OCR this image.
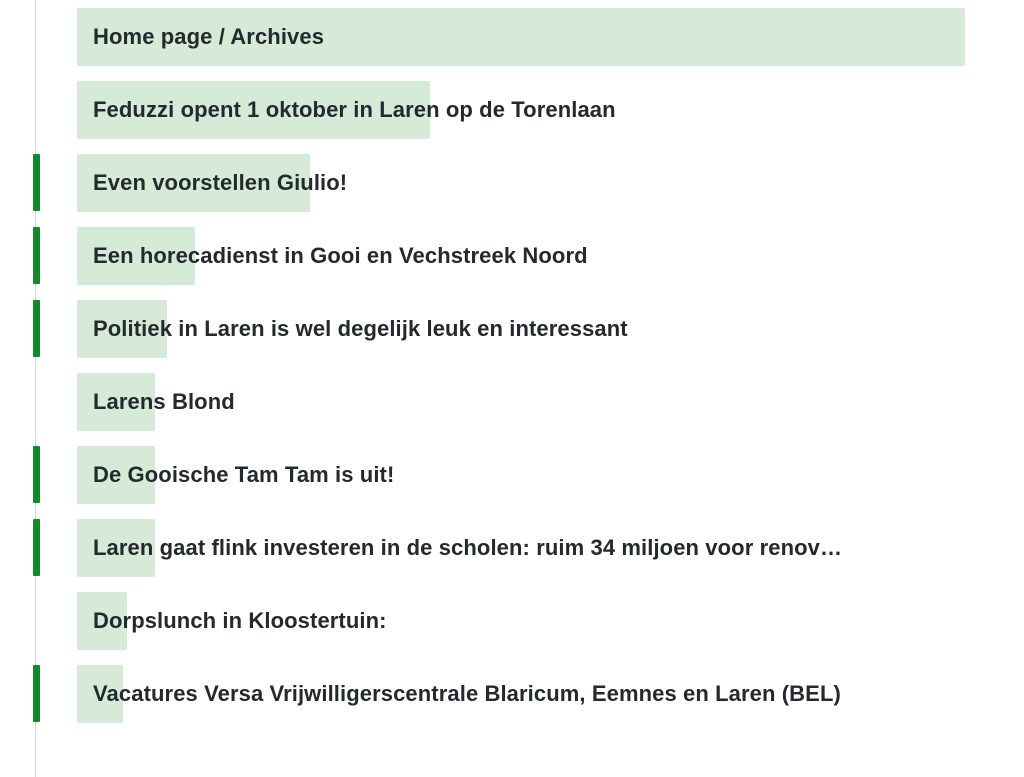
Home page / Archives
Feduzzi opent 1 oktober in Laren op de Torenlaan
Even voorstellen Giulio!
Een horecadienst in Gooi en Vechstreek Noord
Politiek in Laren is wel degelijk leuk en interessant
Larens Blond
De Gooische Tam Tam is uit!
Laren gaat flink investeren in de scholen: ruim 34 miljoen voor renov…
Dorpslunch in Kloostertuin:
Vacatures Versa Vrijwilligerscentrale Blaricum, Eemnes en Laren (BEL)
